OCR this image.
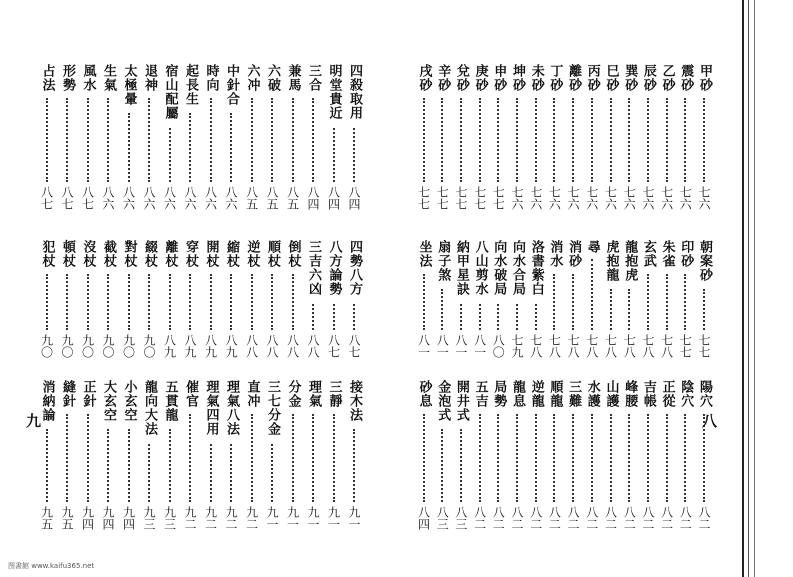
四殺取用
八四
四勢八方
八七
接木法
九一
明堂貴近
八四
八方論勢
八七
三靜
九一
三合
八四
三吉六凶
八八
理氣
九一
兼馬
八五
倒杖
八八
分金
九一
六破
八五
順杖
八八
三七分金
九一
六冲
八五
逆杖
八八
直冲
九二
中針合
八六
縮杖
八九
理氣八法
九二
時向
八六
開杖
八九
理氣四用
九二
起長生
八六
穿杖
八九
催官
九二
宿山配屬
八六
離杖
八九
五貫龍
九三
退神
八六
綴杖
九〇
龍向大法
九三
太極暈
八六
對杖
九〇
小玄空
九四
生氣
八六
截杖
九〇
大玄空
九四
風水
八七
沒杖
九〇
正針
九四
形勢
八七
頓杖
九〇
縫針
九五
占法
八七
犯杖
九〇
消納論
九五
九
甲砂
七六
朝案砂
七七
陽穴
八二
震砂
七六
印砂
七七
陰穴
八二
乙砂
七六
朱雀
七八
正從
八二
辰砂
七六
玄武
七八
吉帳
八二
巽砂
七六
龍抱虎
七八
峰腰
八二
巳砂
七六
虎抱龍
七八
山護
八二
丙砂
七六
尋
七八
水護
八二
離砂
七六
消砂
七八
三難
八二
丁砂
七六
消水
七八
順龍
八二
未砂
七六
洛書紫白
七八
逆龍
八二
坤砂
七六
向水合局
七九
龍息
八二
申砂
七七
向水破局
八〇
局勢
八二
庚砂
七七
八山剪水
八一
五吉
八二
兌砂
七七
納甲星訣
八一
開井式
八三
辛砂
七七
扇子煞
八一
金泡式
八三
戌砂
七七
坐法
八一
砂息
八四
八
图書館 www.kaifu365.net
